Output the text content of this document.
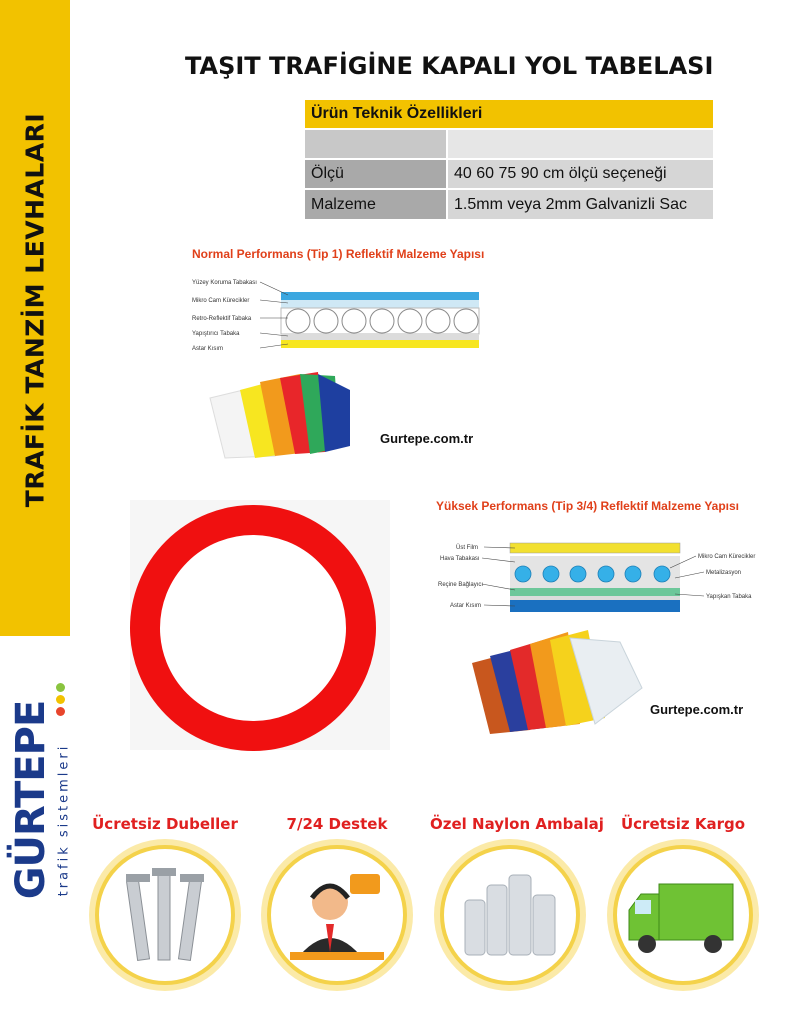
TRAFİK TANZİM LEVHALARI
GÜRTEPE trafik sistemleri
TAŞIT TRAFİGİNE KAPALI YOL TABELASI
Ürün Teknik Özellikleri	

Ölçü	40 60 75 90 cm ölçü seçeneği
Malzeme	1.5mm veya 2mm Galvanizli Sac
Normal Performans (Tip 1) Reflektif Malzeme Yapısı
Yüzey Koruma Tabakası
Mikro Cam Kürecikler
Retro-Reflektif Tabaka
Yapıştırıcı Tabaka
Astar Kısım
Gurtepe.com.tr
Yüksek Performans (Tip 3/4) Reflektif Malzeme Yapısı
Üst Film
Hava Tabakası
Reçine Bağlayıcı
Astar Kısım
Mikro Cam Kürecikler
Metalizasyon
Yapışkan Tabaka
Gurtepe.com.tr
Ücretsiz Dubeller	7/24 Destek	Özel Naylon Ambalaj	Ücretsiz Kargo
